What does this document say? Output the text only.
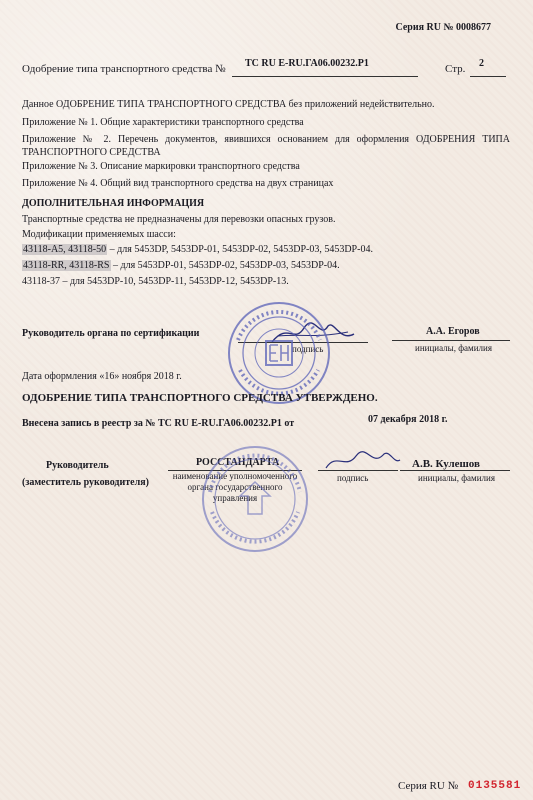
Серия RU № 0008677
Одобрение типа транспортного средства № ТС RU E-RU.ГА06.00232.Р1	Стр. 2
Данное ОДОБРЕНИЕ ТИПА ТРАНСПОРТНОГО СРЕДСТВА без приложений недействительно.
Приложение № 1. Общие характеристики транспортного средства
Приложение № 2. Перечень документов, явившихся основанием для оформления ОДОБРЕНИЯ ТИПА ТРАНСПОРТНОГО СРЕДСТВА
Приложение № 3. Описание маркировки транспортного средства
Приложение № 4. Общий вид транспортного средства на двух страницах
ДОПОЛНИТЕЛЬНАЯ ИНФОРМАЦИЯ
Транспортные средства не предназначены для перевозки опасных грузов.
Модификации применяемых шасси:
43118-А5, 43118-50 – для 5453DP, 5453DP-01, 5453DP-02, 5453DP-03, 5453DP-04.
43118-RR, 43118-RS – для 5453DP-01, 5453DP-02, 5453DP-03, 5453DP-04.
43118-37 – для 5453DP-10, 5453DP-11, 5453DP-12, 5453DP-13.
Руководитель органа по сертификации
подпись
А.А. Егоров
инициалы, фамилия
Дата оформления «16» ноября 2018 г.
ОДОБРЕНИЕ ТИПА ТРАНСПОРТНОГО СРЕДСТВА УТВЕРЖДЕНО.
Внесена запись в реестр за № ТС RU E-RU.ГА06.00232.Р1 от	07 декабря 2018 г.
Руководитель
(заместитель руководителя)
РОССТАНДАРТА
наименование уполномоченного органа государственного управления
подпись
А.В. Кулешов
инициалы, фамилия
Серия RU № 0135581
